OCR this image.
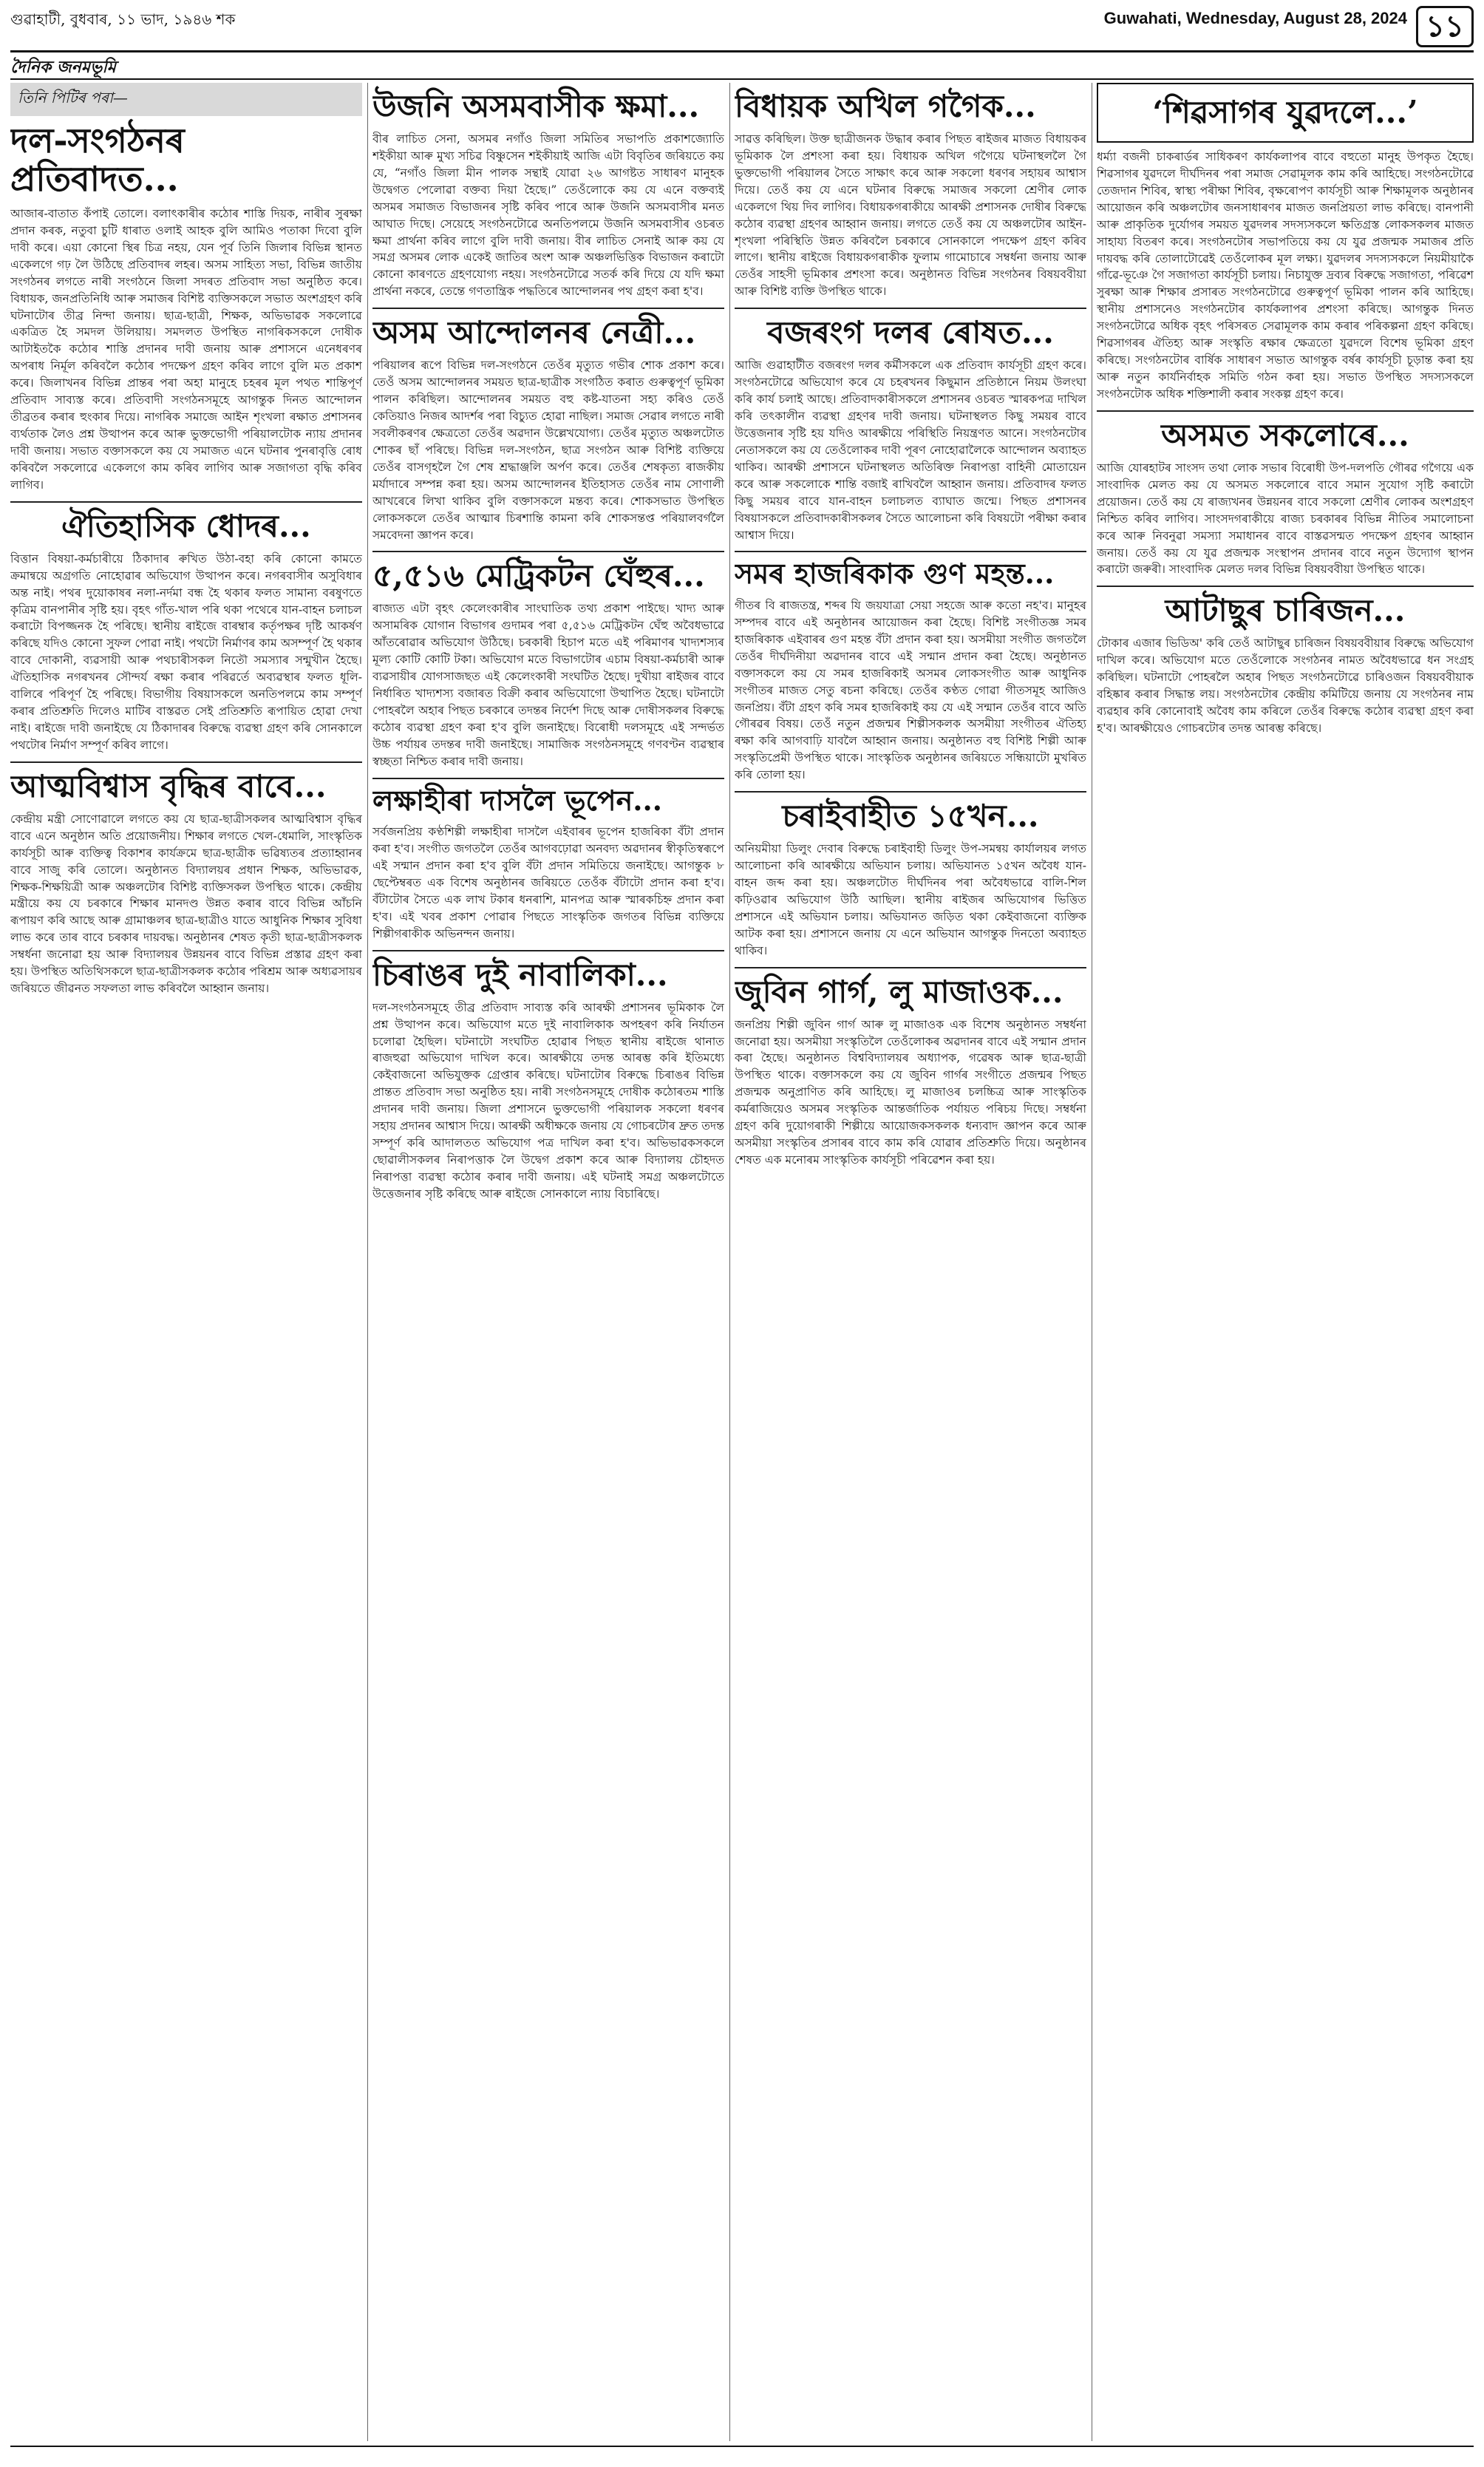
গুৱাহাটী, বুধবাৰ, ১১ ভাদ, ১৯৪৬ শক	Guwahati, Wednesday, August 28, 2024 ১১
দৈনিক জনমভূমি
তিনি পিটিৰ পৰা—
দল-সংগঠনৰ প্ৰতিবাদত...

আজাৰ-বাতাত কঁপাই তোলে। বলাৎকাৰীৰ কঠোৰ শাস্তি দিয়ক, নাৰীৰ সুৰক্ষা প্ৰদান কৰক, নতুবা চুটি ধাৰাত ওলাই আহক বুলি আমিও পতাকা দিবো বুলি দাবী কৰে। এয়া কোনো স্থিৰ চিত্ৰ নহয়, যেন পূৰ্ব তিনি জিলাৰ বিভিন্ন স্থানত একেলগে গঢ় লৈ উঠিছে প্ৰতিবাদৰ লহৰ। অসম সাহিত্য সভা, বিভিন্ন জাতীয় সংগঠনৰ লগতে নাৰী সংগঠনে জিলা সদৰত প্ৰতিবাদ সভা অনুষ্ঠিত কৰে। বিধায়ক, জনপ্ৰতিনিধি আৰু সমাজৰ বিশিষ্ট ব্যক্তিসকলে সভাত অংশগ্ৰহণ কৰি ঘটনাটোৰ তীব্ৰ নিন্দা জনায়। ছাত্ৰ-ছাত্ৰী, শিক্ষক, অভিভাৱক সকলোৱে একত্ৰিত হৈ সমদল উলিয়ায়। সমদলত উপস্থিত নাগৰিকসকলে দোষীক আটাইতকৈ কঠোৰ শাস্তি প্ৰদানৰ দাবী জনায় আৰু প্ৰশাসনে এনেধৰণৰ অপৰাধ নিৰ্মূল কৰিবলৈ কঠোৰ পদক্ষেপ গ্ৰহণ কৰিব লাগে বুলি মত প্ৰকাশ কৰে। জিলাখনৰ বিভিন্ন প্ৰান্তৰ পৰা অহা মানুহে চহৰৰ মূল পথত শান্তিপূৰ্ণ প্ৰতিবাদ সাব্যস্ত কৰে। প্ৰতিবাদী সংগঠনসমূহে আগন্তুক দিনত আন্দোলন তীব্ৰতৰ কৰাৰ হুংকাৰ দিয়ে। নাগৰিক সমাজে আইন শৃংখলা ৰক্ষাত প্ৰশাসনৰ ব্যৰ্থতাক লৈও প্ৰশ্ন উত্থাপন কৰে আৰু ভুক্তভোগী পৰিয়ালটোক ন্যায় প্ৰদানৰ দাবী জনায়। সভাত বক্তাসকলে কয় যে সমাজত এনে ঘটনাৰ পুনৰাবৃত্তি ৰোধ কৰিবলৈ সকলোৱে একেলগে কাম কৰিব লাগিব আৰু সজাগতা বৃদ্ধি কৰিব লাগিব।

ঐতিহাসিক ধোদৰ...

বিত্তান বিষয়া-কৰ্মচাৰীয়ে ঠিকাদাৰ ৰুখিত উঠা-বহা কৰি কোনো কামতে ক্ৰমান্বয়ে অগ্ৰগতি নোহোৱাৰ অভিযোগ উত্থাপন কৰে। নগৰবাসীৰ অসুবিধাৰ অন্ত নাই। পথৰ দুয়োকাষৰ নলা-নৰ্দমা বন্ধ হৈ থকাৰ ফলত সামান্য বৰষুণতে কৃত্ৰিম বানপানীৰ সৃষ্টি হয়। বৃহৎ গাঁত-খাল পৰি থকা পথেৰে যান-বাহন চলাচল কৰাটো বিপজ্জনক হৈ পৰিছে। স্থানীয় ৰাইজে বাৰম্বাৰ কৰ্তৃপক্ষৰ দৃষ্টি আকৰ্ষণ কৰিছে যদিও কোনো সুফল পোৱা নাই। পথটো নিৰ্মাণৰ কাম অসম্পূৰ্ণ হৈ থকাৰ বাবে দোকানী, ব্যৱসায়ী আৰু পথচাৰীসকল নিতৌ সমস্যাৰ সন্মুখীন হৈছে। ঐতিহাসিক নগৰখনৰ সৌন্দৰ্য ৰক্ষা কৰাৰ পৰিৱৰ্তে অব্যৱস্থাৰ ফলত ধূলি-বালিৰে পৰিপূৰ্ণ হৈ পৰিছে। বিভাগীয় বিষয়াসকলে অনতিপলমে কাম সম্পূৰ্ণ কৰাৰ প্ৰতিশ্ৰুতি দিলেও মাটিৰ বাস্তৱত সেই প্ৰতিশ্ৰুতি ৰূপায়িত হোৱা দেখা নাই। ৰাইজে দাবী জনাইছে যে ঠিকাদাৰৰ বিৰুদ্ধে ব্যৱস্থা গ্ৰহণ কৰি সোনকালে পথটোৰ নিৰ্মাণ সম্পূৰ্ণ কৰিব লাগে।

আত্মবিশ্বাস বৃদ্ধিৰ বাবে...

কেন্দ্ৰীয় মন্ত্ৰী সোণোৱালে লগতে কয় যে ছাত্ৰ-ছাত্ৰীসকলৰ আত্মবিশ্বাস বৃদ্ধিৰ বাবে এনে অনুষ্ঠান অতি প্ৰয়োজনীয়। শিক্ষাৰ লগতে খেল-ধেমালি, সাংস্কৃতিক কাৰ্যসূচী আৰু ব্যক্তিত্ব বিকাশৰ কাৰ্যক্ৰমে ছাত্ৰ-ছাত্ৰীক ভৱিষ্যতৰ প্ৰত্যাহ্বানৰ বাবে সাজু কৰি তোলে। অনুষ্ঠানত বিদ্যালয়ৰ প্ৰধান শিক্ষক, অভিভাৱক, শিক্ষক-শিক্ষয়িত্ৰী আৰু অঞ্চলটোৰ বিশিষ্ট ব্যক্তিসকল উপস্থিত থাকে। কেন্দ্ৰীয় মন্ত্ৰীয়ে কয় যে চৰকাৰে শিক্ষাৰ মানদণ্ড উন্নত কৰাৰ বাবে বিভিন্ন আঁচনি ৰূপায়ণ কৰি আছে আৰু গ্ৰামাঞ্চলৰ ছাত্ৰ-ছাত্ৰীও যাতে আধুনিক শিক্ষাৰ সুবিধা লাভ কৰে তাৰ বাবে চৰকাৰ দায়বদ্ধ। অনুষ্ঠানৰ শেষত কৃতী ছাত্ৰ-ছাত্ৰীসকলক সম্বৰ্ধনা জনোৱা হয় আৰু বিদ্যালয়ৰ উন্নয়নৰ বাবে বিভিন্ন প্ৰস্তাৱ গ্ৰহণ কৰা হয়। উপস্থিত অতিথিসকলে ছাত্ৰ-ছাত্ৰীসকলক কঠোৰ পৰিশ্ৰম আৰু অধ্যৱসায়ৰ জৰিয়তে জীৱনত সফলতা লাভ কৰিবলৈ আহ্বান জনায়।

উজনি অসমবাসীক ক্ষমা...

বীৰ লাচিত সেনা, অসমৰ নগাঁও জিলা সমিতিৰ সভাপতি প্ৰকাশজ্যোতি শইকীয়া আৰু মুখ্য সচিৱ বিষ্ণুসেন শইকীয়াই আজি এটা বিবৃতিৰ জৰিয়তে কয় যে, “নগাঁও জিলা মীন পালক সন্থাই যোৱা ২৬ আগষ্টত সাধাৰণ মানুহক উদ্বেগত পেলোৱা বক্তব্য দিয়া হৈছে।” তেওঁলোকে কয় যে এনে বক্তব্যই অসমৰ সমাজত বিভাজনৰ সৃষ্টি কৰিব পাৰে আৰু উজনি অসমবাসীৰ মনত আঘাত দিছে। সেয়েহে সংগঠনটোৱে অনতিপলমে উজনি অসমবাসীৰ ওচৰত ক্ষমা প্ৰাৰ্থনা কৰিব লাগে বুলি দাবী জনায়। বীৰ লাচিত সেনাই আৰু কয় যে সমগ্ৰ অসমৰ লোক একেই জাতিৰ অংশ আৰু অঞ্চলভিত্তিক বিভাজন কৰাটো কোনো কাৰণতে গ্ৰহণযোগ্য নহয়। সংগঠনটোৱে সতৰ্ক কৰি দিয়ে যে যদি ক্ষমা প্ৰাৰ্থনা নকৰে, তেন্তে গণতান্ত্ৰিক পদ্ধতিৰে আন্দোলনৰ পথ গ্ৰহণ কৰা হ'ব।

অসম আন্দোলনৰ নেত্ৰী...

পৰিয়ালৰ ৰূপে বিভিন্ন দল-সংগঠনে তেওঁৰ মৃত্যুত গভীৰ শোক প্ৰকাশ কৰে। তেওঁ অসম আন্দোলনৰ সময়ত ছাত্ৰ-ছাত্ৰীক সংগঠিত কৰাত গুৰুত্বপূৰ্ণ ভূমিকা পালন কৰিছিল। আন্দোলনৰ সময়ত বহু কষ্ট-যাতনা সহ্য কৰিও তেওঁ কেতিয়াও নিজৰ আদৰ্শৰ পৰা বিচ্যুত হোৱা নাছিল। সমাজ সেৱাৰ লগতে নাৰী সবলীকৰণৰ ক্ষেত্ৰতো তেওঁৰ অৱদান উল্লেখযোগ্য। তেওঁৰ মৃত্যুত অঞ্চলটোত শোকৰ ছাঁ পৰিছে। বিভিন্ন দল-সংগঠন, ছাত্ৰ সংগঠন আৰু বিশিষ্ট ব্যক্তিয়ে তেওঁৰ বাসগৃহলৈ গৈ শেষ শ্ৰদ্ধাঞ্জলি অৰ্পণ কৰে। তেওঁৰ শেষকৃত্য ৰাজকীয় মৰ্যাদাৰে সম্পন্ন কৰা হয়। অসম আন্দোলনৰ ইতিহাসত তেওঁৰ নাম সোণালী আখৰেৰে লিখা থাকিব বুলি বক্তাসকলে মন্তব্য কৰে। শোকসভাত উপস্থিত লোকসকলে তেওঁৰ আত্মাৰ চিৰশান্তি কামনা কৰি শোকসন্তপ্ত পৰিয়ালবৰ্গলৈ সমবেদনা জ্ঞাপন কৰে।

৫,৫১৬ মেট্ৰিকটন ঘেঁহুৰ...

ৰাজ্যত এটা বৃহৎ কেলেংকাৰীৰ সাংঘাতিক তথ্য প্ৰকাশ পাইছে। খাদ্য আৰু অসামৰিক যোগান বিভাগৰ গুদামৰ পৰা ৫,৫১৬ মেট্ৰিকটন ঘেঁহু অবৈধভাৱে আঁতৰোৱাৰ অভিযোগ উঠিছে। চৰকাৰী হিচাপ মতে এই পৰিমাণৰ খাদ্যশস্যৰ মূল্য কোটি কোটি টকা। অভিযোগ মতে বিভাগটোৰ এচাম বিষয়া-কৰ্মচাৰী আৰু ব্যৱসায়ীৰ যোগসাজছত এই কেলেংকাৰী সংঘটিত হৈছে। দুখীয়া ৰাইজৰ বাবে নিৰ্ধাৰিত খাদ্যশস্য বজাৰত বিক্ৰী কৰাৰ অভিযোগো উত্থাপিত হৈছে। ঘটনাটো পোহৰলৈ অহাৰ পিছত চৰকাৰে তদন্তৰ নিৰ্দেশ দিছে আৰু দোষীসকলৰ বিৰুদ্ধে কঠোৰ ব্যৱস্থা গ্ৰহণ কৰা হ'ব বুলি জনাইছে। বিৰোধী দলসমূহে এই সন্দৰ্ভত উচ্চ পৰ্যায়ৰ তদন্তৰ দাবী জনাইছে। সামাজিক সংগঠনসমূহে গণবণ্টন ব্যৱস্থাৰ স্বচ্ছতা নিশ্চিত কৰাৰ দাবী জনায়।

লক্ষাহীৰা দাসলৈ ভূপেন...

সৰ্বজনপ্ৰিয় কণ্ঠশিল্পী লক্ষাহীৰা দাসলৈ এইবাৰৰ ভূপেন হাজৰিকা বঁটা প্ৰদান কৰা হ'ব। সংগীত জগতলৈ তেওঁৰ আগবঢ়োৱা অনবদ্য অৱদানৰ স্বীকৃতিস্বৰূপে এই সন্মান প্ৰদান কৰা হ'ব বুলি বঁটা প্ৰদান সমিতিয়ে জনাইছে। আগন্তুক ৮ ছেপ্টেম্বৰত এক বিশেষ অনুষ্ঠানৰ জৰিয়তে তেওঁক বঁটাটো প্ৰদান কৰা হ'ব। বঁটাটোৰ সৈতে এক লাখ টকাৰ ধনৰাশি, মানপত্ৰ আৰু স্মাৰকচিহ্ন প্ৰদান কৰা হ'ব। এই খবৰ প্ৰকাশ পোৱাৰ পিছতে সাংস্কৃতিক জগতৰ বিভিন্ন ব্যক্তিয়ে শিল্পীগৰাকীক অভিনন্দন জনায়।

চিৰাঙৰ দুই নাবালিকা...

দল-সংগঠনসমূহে তীব্ৰ প্ৰতিবাদ সাব্যস্ত কৰি আৰক্ষী প্ৰশাসনৰ ভূমিকাক লৈ প্ৰশ্ন উত্থাপন কৰে। অভিযোগ মতে দুই নাবালিকাক অপহৰণ কৰি নিৰ্যাতন চলোৱা হৈছিল। ঘটনাটো সংঘটিত হোৱাৰ পিছত স্থানীয় ৰাইজে থানাত ৰাজহুৱা অভিযোগ দাখিল কৰে। আৰক্ষীয়ে তদন্ত আৰম্ভ কৰি ইতিমধ্যে কেইবাজনো অভিযুক্তক গ্ৰেপ্তাৰ কৰিছে। ঘটনাটোৰ বিৰুদ্ধে চিৰাঙৰ বিভিন্ন প্ৰান্তত প্ৰতিবাদ সভা অনুষ্ঠিত হয়। নাৰী সংগঠনসমূহে দোষীক কঠোৰতম শাস্তি প্ৰদানৰ দাবী জনায়। জিলা প্ৰশাসনে ভুক্তভোগী পৰিয়ালক সকলো ধৰণৰ সহায় প্ৰদানৰ আশ্বাস দিয়ে। আৰক্ষী অধীক্ষকে জনায় যে গোচৰটোৰ দ্ৰুত তদন্ত সম্পূৰ্ণ কৰি আদালতত অভিযোগ পত্ৰ দাখিল কৰা হ'ব। অভিভাৱকসকলে ছোৱালীসকলৰ নিৰাপত্তাক লৈ উদ্বেগ প্ৰকাশ কৰে আৰু বিদ্যালয় চৌহদত নিৰাপত্তা ব্যৱস্থা কঠোৰ কৰাৰ দাবী জনায়। এই ঘটনাই সমগ্ৰ অঞ্চলটোতে উত্তেজনাৰ সৃষ্টি কৰিছে আৰু ৰাইজে সোনকালে ন্যায় বিচাৰিছে।

বিধায়ক অখিল গগৈক...

সাৱত্ত কৰিছিল। উক্ত ছাত্ৰীজনক উদ্ধাৰ কৰাৰ পিছত ৰাইজৰ মাজত বিধায়কৰ ভূমিকাক লৈ প্ৰশংসা কৰা হয়। বিধায়ক অখিল গগৈয়ে ঘটনাস্থললৈ গৈ ভুক্তভোগী পৰিয়ালৰ সৈতে সাক্ষাৎ কৰে আৰু সকলো ধৰণৰ সহায়ৰ আশ্বাস দিয়ে। তেওঁ কয় যে এনে ঘটনাৰ বিৰুদ্ধে সমাজৰ সকলো শ্ৰেণীৰ লোক একেলগে থিয় দিব লাগিব। বিধায়কগৰাকীয়ে আৰক্ষী প্ৰশাসনক দোষীৰ বিৰুদ্ধে কঠোৰ ব্যৱস্থা গ্ৰহণৰ আহ্বান জনায়। লগতে তেওঁ কয় যে অঞ্চলটোৰ আইন-শৃংখলা পৰিস্থিতি উন্নত কৰিবলৈ চৰকাৰে সোনকালে পদক্ষেপ গ্ৰহণ কৰিব লাগে। স্থানীয় ৰাইজে বিধায়কগৰাকীক ফুলাম গামোচাৰে সম্বৰ্ধনা জনায় আৰু তেওঁৰ সাহসী ভূমিকাৰ প্ৰশংসা কৰে। অনুষ্ঠানত বিভিন্ন সংগঠনৰ বিষয়ববীয়া আৰু বিশিষ্ট ব্যক্তি উপস্থিত থাকে।

বজৰংগ দলৰ ৰোষত...

আজি গুৱাহাটীত বজৰংগ দলৰ কৰ্মীসকলে এক প্ৰতিবাদ কাৰ্যসূচী গ্ৰহণ কৰে। সংগঠনটোৱে অভিযোগ কৰে যে চহৰখনৰ কিছুমান প্ৰতিষ্ঠানে নিয়ম উলংঘা কৰি কাৰ্য চলাই আছে। প্ৰতিবাদকাৰীসকলে প্ৰশাসনৰ ওচৰত স্মাৰকপত্ৰ দাখিল কৰি তৎকালীন ব্যৱস্থা গ্ৰহণৰ দাবী জনায়। ঘটনাস্থলত কিছু সময়ৰ বাবে উত্তেজনাৰ সৃষ্টি হয় যদিও আৰক্ষীয়ে পৰিস্থিতি নিয়ন্ত্ৰণত আনে। সংগঠনটোৰ নেতাসকলে কয় যে তেওঁলোকৰ দাবী পূৰণ নোহোৱালৈকে আন্দোলন অব্যাহত থাকিব। আৰক্ষী প্ৰশাসনে ঘটনাস্থলত অতিৰিক্ত নিৰাপত্তা বাহিনী মোতায়েন কৰে আৰু সকলোকে শান্তি বজাই ৰাখিবলৈ আহ্বান জনায়। প্ৰতিবাদৰ ফলত কিছু সময়ৰ বাবে যান-বাহন চলাচলত ব্যাঘাত জন্মে। পিছত প্ৰশাসনৰ বিষয়াসকলে প্ৰতিবাদকাৰীসকলৰ সৈতে আলোচনা কৰি বিষয়টো পৰীক্ষা কৰাৰ আশ্বাস দিয়ে।

সমৰ হাজৰিকাক গুণ মহন্ত...

গীতৰ বি ৰাজতন্ত্ৰ, শব্দৰ যি জয়যাত্ৰা সেয়া সহজে আৰু কতো নহ'ব। মানুহৰ সম্পদৰ বাবে এই অনুষ্ঠানৰ আয়োজন কৰা হৈছে। বিশিষ্ট সংগীতজ্ঞ সমৰ হাজৰিকাক এইবাৰৰ গুণ মহন্ত বঁটা প্ৰদান কৰা হয়। অসমীয়া সংগীত জগতলৈ তেওঁৰ দীৰ্ঘদিনীয়া অৱদানৰ বাবে এই সন্মান প্ৰদান কৰা হৈছে। অনুষ্ঠানত বক্তাসকলে কয় যে সমৰ হাজৰিকাই অসমৰ লোকসংগীত আৰু আধুনিক সংগীতৰ মাজত সেতু ৰচনা কৰিছে। তেওঁৰ কণ্ঠত গোৱা গীতসমূহ আজিও জনপ্ৰিয়। বঁটা গ্ৰহণ কৰি সমৰ হাজৰিকাই কয় যে এই সন্মান তেওঁৰ বাবে অতি গৌৰৱৰ বিষয়। তেওঁ নতুন প্ৰজন্মৰ শিল্পীসকলক অসমীয়া সংগীতৰ ঐতিহ্য ৰক্ষা কৰি আগবাঢ়ি যাবলৈ আহ্বান জনায়। অনুষ্ঠানত বহু বিশিষ্ট শিল্পী আৰু সংস্কৃতিপ্ৰেমী উপস্থিত থাকে। সাংস্কৃতিক অনুষ্ঠানৰ জৰিয়তে সন্ধিয়াটো মুখৰিত কৰি তোলা হয়।

চৰাইবাহীত ১৫খন...

অনিয়মীয়া ডিলুং দেবাৰ বিৰুদ্ধে চৰাইবাহী ডিলুং উপ-সমন্বয় কাৰ্যালয়ৰ লগত আলোচনা কৰি আৰক্ষীয়ে অভিযান চলায়। অভিযানত ১৫খন অবৈধ যান-বাহন জব্দ কৰা হয়। অঞ্চলটোত দীৰ্ঘদিনৰ পৰা অবৈধভাৱে বালি-শিল কঢ়িওৱাৰ অভিযোগ উঠি আছিল। স্থানীয় ৰাইজৰ অভিযোগৰ ভিত্তিত প্ৰশাসনে এই অভিযান চলায়। অভিযানত জড়িত থকা কেইবাজনো ব্যক্তিক আটক কৰা হয়। প্ৰশাসনে জনায় যে এনে অভিযান আগন্তুক দিনতো অব্যাহত থাকিব।

জুবিন গাৰ্গ, লু মাজাওক...

জনপ্ৰিয় শিল্পী জুবিন গাৰ্গ আৰু লু মাজাওক এক বিশেষ অনুষ্ঠানত সম্বৰ্ধনা জনোৱা হয়। অসমীয়া সংস্কৃতিলৈ তেওঁলোকৰ অৱদানৰ বাবে এই সন্মান প্ৰদান কৰা হৈছে। অনুষ্ঠানত বিশ্ববিদ্যালয়ৰ অধ্যাপক, গৱেষক আৰু ছাত্ৰ-ছাত্ৰী উপস্থিত থাকে। বক্তাসকলে কয় যে জুবিন গাৰ্গৰ সংগীতে প্ৰজন্মৰ পিছত প্ৰজন্মক অনুপ্ৰাণিত কৰি আহিছে। লু মাজাওৰ চলচ্চিত্ৰ আৰু সাংস্কৃতিক কৰ্মৰাজিয়েও অসমৰ সংস্কৃতিক আন্তৰ্জাতিক পৰ্যায়ত পৰিচয় দিছে। সম্বৰ্ধনা গ্ৰহণ কৰি দুয়োগৰাকী শিল্পীয়ে আয়োজকসকলক ধন্যবাদ জ্ঞাপন কৰে আৰু অসমীয়া সংস্কৃতিৰ প্ৰসাৰৰ বাবে কাম কৰি যোৱাৰ প্ৰতিশ্ৰুতি দিয়ে। অনুষ্ঠানৰ শেষত এক মনোৰম সাংস্কৃতিক কাৰ্যসূচী পৰিৱেশন কৰা হয়।

‘শিৱসাগৰ যুৱদলে...’

ধৰ্ম্যা বজনী চাকৰাৰ্ডৰ সাধিকৰণ কাৰ্যকলাপৰ বাবে বহুতো মানুহ উপকৃত হৈছে। শিৱসাগৰ যুৱদলে দীৰ্ঘদিনৰ পৰা সমাজ সেৱামূলক কাম কৰি আহিছে। সংগঠনটোৱে তেজদান শিবিৰ, স্বাস্থ্য পৰীক্ষা শিবিৰ, বৃক্ষৰোপণ কাৰ্যসূচী আৰু শিক্ষামূলক অনুষ্ঠানৰ আয়োজন কৰি অঞ্চলটোৰ জনসাধাৰণৰ মাজত জনপ্ৰিয়তা লাভ কৰিছে। বানপানী আৰু প্ৰাকৃতিক দুৰ্যোগৰ সময়ত যুৱদলৰ সদস্যসকলে ক্ষতিগ্ৰস্ত লোকসকলৰ মাজত সাহায্য বিতৰণ কৰে। সংগঠনটোৰ সভাপতিয়ে কয় যে যুৱ প্ৰজন্মক সমাজৰ প্ৰতি দায়বদ্ধ কৰি তোলাটোৱেই তেওঁলোকৰ মূল লক্ষ্য। যুৱদলৰ সদস্যসকলে নিয়মীয়াকৈ গাঁৱে-ভূঞে গৈ সজাগতা কাৰ্যসূচী চলায়। নিচাযুক্ত দ্ৰব্যৰ বিৰুদ্ধে সজাগতা, পৰিৱেশ সুৰক্ষা আৰু শিক্ষাৰ প্ৰসাৰত সংগঠনটোৱে গুৰুত্বপূৰ্ণ ভূমিকা পালন কৰি আহিছে। স্থানীয় প্ৰশাসনেও সংগঠনটোৰ কাৰ্যকলাপৰ প্ৰশংসা কৰিছে। আগন্তুক দিনত সংগঠনটোৱে অধিক বৃহৎ পৰিসৰত সেৱামূলক কাম কৰাৰ পৰিকল্পনা গ্ৰহণ কৰিছে। শিৱসাগৰৰ ঐতিহ্য আৰু সংস্কৃতি ৰক্ষাৰ ক্ষেত্ৰতো যুৱদলে বিশেষ ভূমিকা গ্ৰহণ কৰিছে। সংগঠনটোৰ বাৰ্ষিক সাধাৰণ সভাত আগন্তুক বৰ্ষৰ কাৰ্যসূচী চূড়ান্ত কৰা হয় আৰু নতুন কাৰ্যনিৰ্বাহক সমিতি গঠন কৰা হয়। সভাত উপস্থিত সদস্যসকলে সংগঠনটোক অধিক শক্তিশালী কৰাৰ সংকল্প গ্ৰহণ কৰে।

অসমত সকলোৰে...

আজি যোৰহাটৰ সাংসদ তথা লোক সভাৰ বিৰোধী উপ-দলপতি গৌৰৱ গগৈয়ে এক সাংবাদিক মেলত কয় যে অসমত সকলোৰে বাবে সমান সুযোগ সৃষ্টি কৰাটো প্ৰয়োজন। তেওঁ কয় যে ৰাজ্যখনৰ উন্নয়নৰ বাবে সকলো শ্ৰেণীৰ লোকৰ অংশগ্ৰহণ নিশ্চিত কৰিব লাগিব। সাংসদগৰাকীয়ে ৰাজ্য চৰকাৰৰ বিভিন্ন নীতিৰ সমালোচনা কৰে আৰু নিবনুৱা সমস্যা সমাধানৰ বাবে বাস্তৱসন্মত পদক্ষেপ গ্ৰহণৰ আহ্বান জনায়। তেওঁ কয় যে যুৱ প্ৰজন্মক সংস্থাপন প্ৰদানৰ বাবে নতুন উদ্যোগ স্থাপন কৰাটো জৰুৰী। সাংবাদিক মেলত দলৰ বিভিন্ন বিষয়ববীয়া উপস্থিত থাকে।

আটাছুৰ চাৰিজন...

টোকাৰ এজাৰ ভিডিঅ' কৰি তেওঁ আটাছুৰ চাৰিজন বিষয়ববীয়াৰ বিৰুদ্ধে অভিযোগ দাখিল কৰে। অভিযোগ মতে তেওঁলোকে সংগঠনৰ নামত অবৈধভাৱে ধন সংগ্ৰহ কৰিছিল। ঘটনাটো পোহৰলৈ অহাৰ পিছত সংগঠনটোৱে চাৰিওজন বিষয়ববীয়াক বহিষ্কাৰ কৰাৰ সিদ্ধান্ত লয়। সংগঠনটোৰ কেন্দ্ৰীয় কমিটিয়ে জনায় যে সংগঠনৰ নাম ব্যৱহাৰ কৰি কোনোবাই অবৈধ কাম কৰিলে তেওঁৰ বিৰুদ্ধে কঠোৰ ব্যৱস্থা গ্ৰহণ কৰা হ'ব। আৰক্ষীয়েও গোচৰটোৰ তদন্ত আৰম্ভ কৰিছে।
